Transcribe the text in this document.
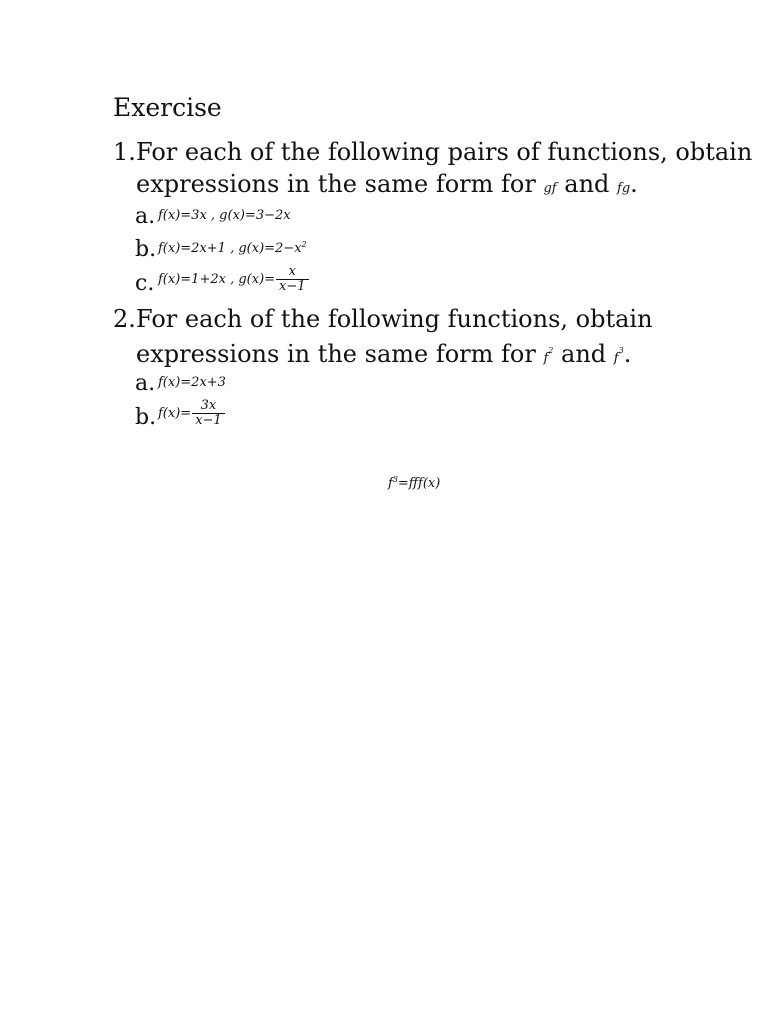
Exercise
1. For each of the following pairs of functions, obtain
expressions in the same form for gf and fg.
a. f(x)=3x , g(x)=3−2x
b. f(x)=2x+1 , $g(x)=2-x^2$
c. f(x)=1+2x , $g(x)= \frac{x}{x-1}$
2. For each of the following functions, obtain
expressions in the same form for $f^2$ and $f^3$.
a. f(x)=2x+3
b. $f(x)= \frac{3x}{x-1}$
$f^3=fff(x)$
